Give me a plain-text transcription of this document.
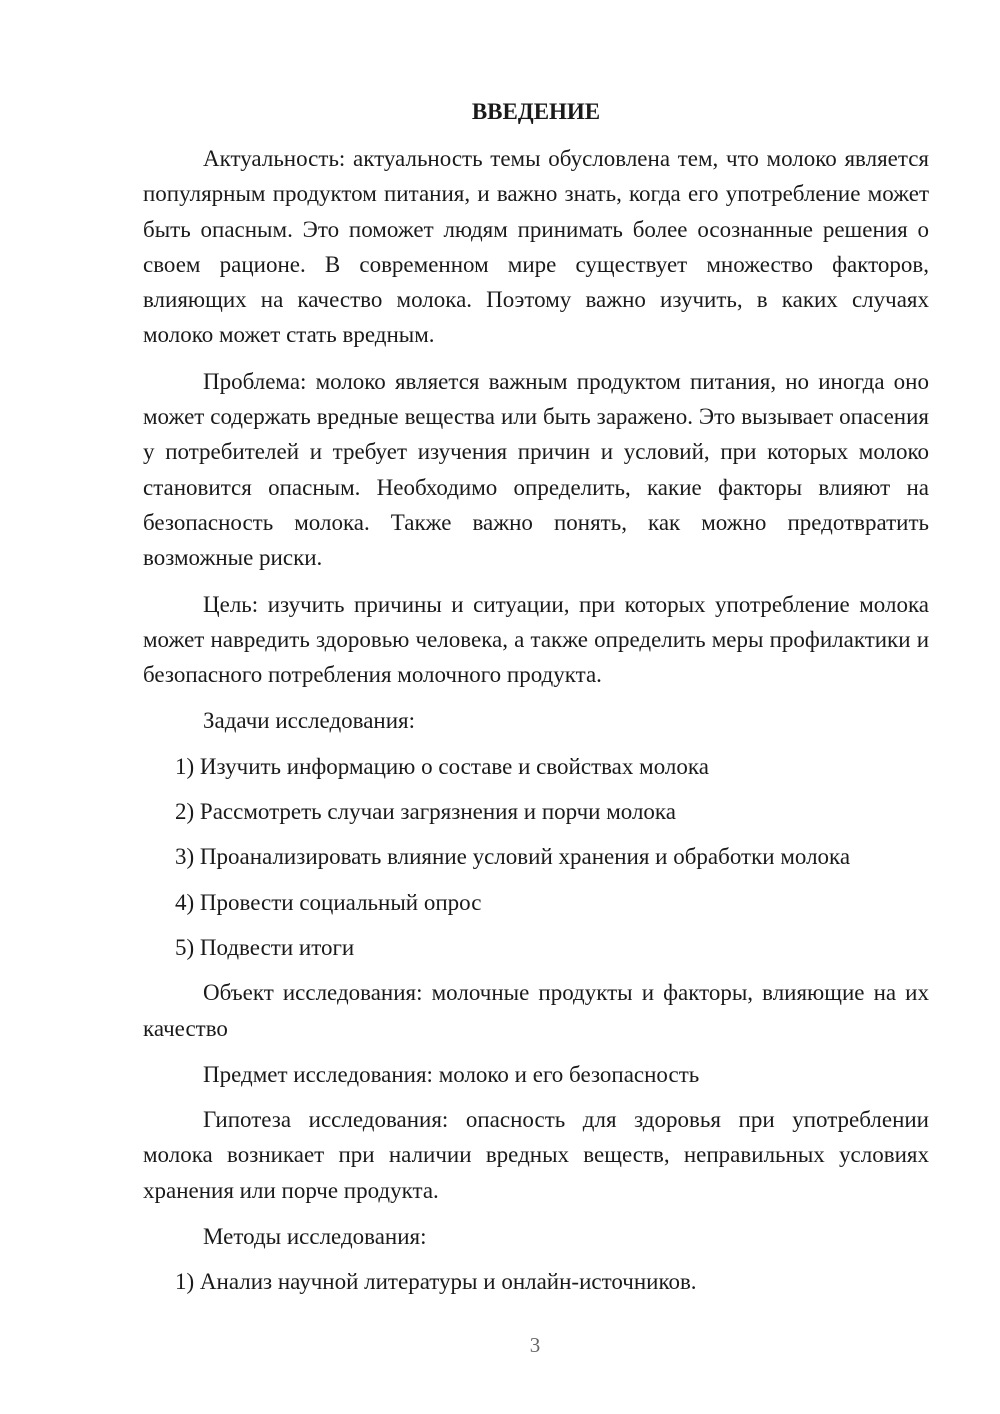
ВВЕДЕНИЕ

Актуальность: актуальность темы обусловлена тем, что молоко является популярным продуктом питания, и важно знать, когда его употребление может быть опасным. Это поможет людям принимать более осознанные решения о своем рационе. В современном мире существует множество факторов, влияющих на качество молока. Поэтому важно изучить, в каких случаях молоко может стать вредным.

Проблема: молоко является важным продуктом питания, но иногда оно может содержать вредные вещества или быть заражено. Это вызывает опасения у потребителей и требует изучения причин и условий, при которых молоко становится опасным. Необходимо определить, какие факторы влияют на безопасность молока. Также важно понять, как можно предотвратить возможные риски.

Цель: изучить причины и ситуации, при которых употребление молока может навредить здоровью человека, а также определить меры профилактики и безопасного потребления молочного продукта.

Задачи исследования:

1) Изучить информацию о составе и свойствах молока

2) Рассмотреть случаи загрязнения и порчи молока

3) Проанализировать влияние условий хранения и обработки молока

4) Провести социальный опрос

5) Подвести итоги

Объект исследования: молочные продукты и факторы, влияющие на их качество

Предмет исследования: молоко и его безопасность

Гипотеза исследования: опасность для здоровья при употреблении молока возникает при наличии вредных веществ, неправильных условиях хранения или порче продукта.

Методы исследования:

1) Анализ научной литературы и онлайн-источников.

3
